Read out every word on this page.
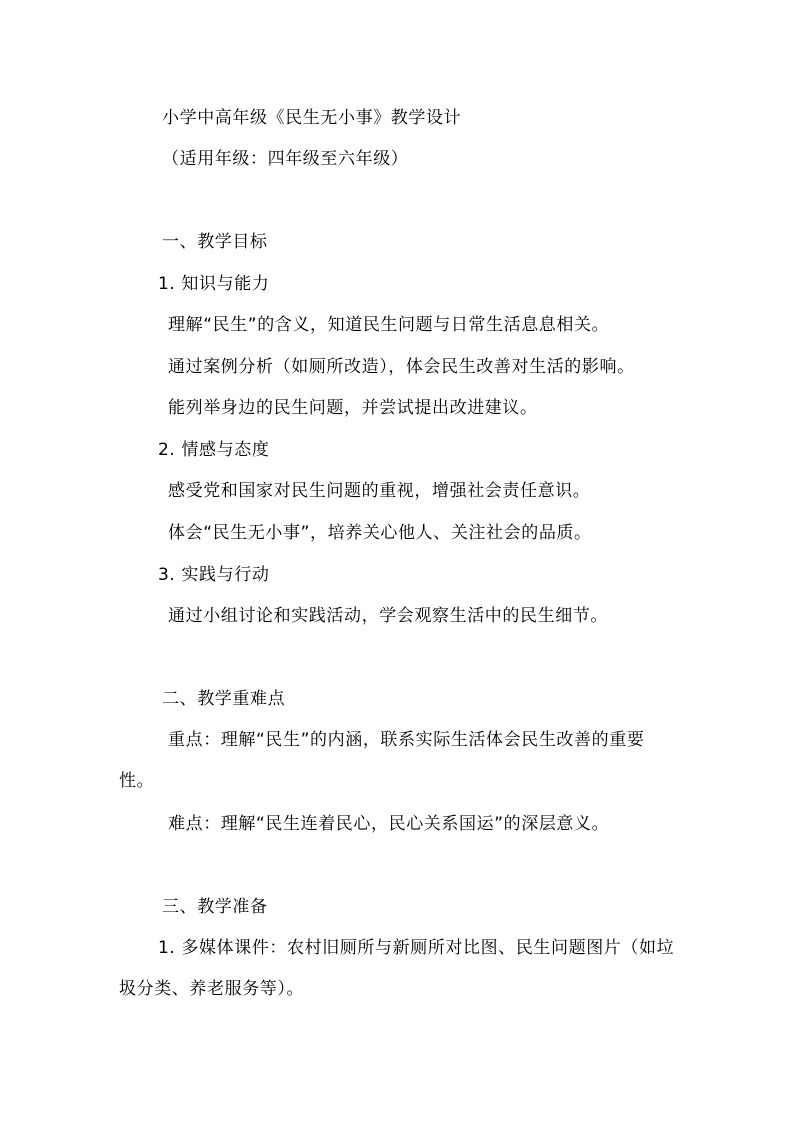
小学中高年级《民生无小事》教学设计
（适用年级：四年级至六年级）
一、教学目标
1. 知识与能力
理解“民生”的含义，知道民生问题与日常生活息息相关。
通过案例分析（如厕所改造），体会民生改善对生活的影响。
能列举身边的民生问题，并尝试提出改进建议。
2. 情感与态度
感受党和国家对民生问题的重视，增强社会责任意识。
体会“民生无小事”，培养关心他人、关注社会的品质。
3. 实践与行动
通过小组讨论和实践活动，学会观察生活中的民生细节。
二、教学重难点
重点：理解“民生”的内涵，联系实际生活体会民生改善的重要性。
难点：理解“民生连着民心，民心关系国运”的深层意义。
三、教学准备
1. 多媒体课件：农村旧厕所与新厕所对比图、民生问题图片（如垃圾分类、养老服务等）。
